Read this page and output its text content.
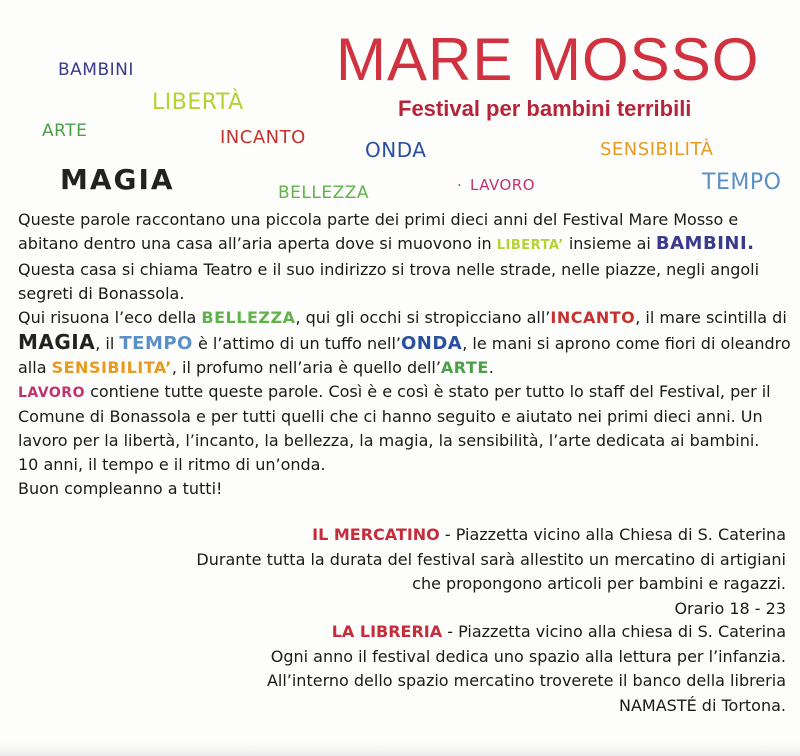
MARE MOSSO
Festival per bambini terribili
BAMBINI
LIBERTÀ
ARTE	INCANTO
ONDA	SENSIBILITÀ
MAGIA	BELLEZZA
. LAVORO	TEMPO

Queste parole raccontano una piccola parte dei primi dieci anni del Festival Mare Mosso e abitano dentro una casa all’aria aperta dove si muovono in LIBERTA’ insieme ai BAMBINI. Questa casa si chiama Teatro e il suo indirizzo si trova nelle strade, nelle piazze, negli angoli segreti di Bonassola.

Qui risuona l’eco della BELLEZZA, qui gli occhi si stropicciano all’INCANTO, il mare scintilla di MAGIA, il TEMPO è l’attimo di un tuffo nell’ONDA, le mani si aprono come fiori di oleandro alla SENSIBILITA’, il profumo nell’aria è quello dell’ARTE.

LAVORO contiene tutte queste parole. Così è e così è stato per tutto lo staff del Festival, per il Comune di Bonassola e per tutti quelli che ci hanno seguito e aiutato nei primi dieci anni. Un lavoro per la libertà, l’incanto, la bellezza, la magia, la sensibilità, l’arte dedicata ai bambini.

10 anni, il tempo e il ritmo di un’onda.

Buon compleanno a tutti!

IL MERCATINO - Piazzetta vicino alla Chiesa di S. Caterina

Durante tutta la durata del festival sarà allestito un mercatino di artigiani

che propongono articoli per bambini e ragazzi.

Orario 18 - 23

LA LIBRERIA - Piazzetta vicino alla chiesa di S. Caterina

Ogni anno il festival dedica uno spazio alla lettura per l’infanzia.

All’interno dello spazio mercatino troverete il banco della libreria

NAMASTÉ di Tortona.
